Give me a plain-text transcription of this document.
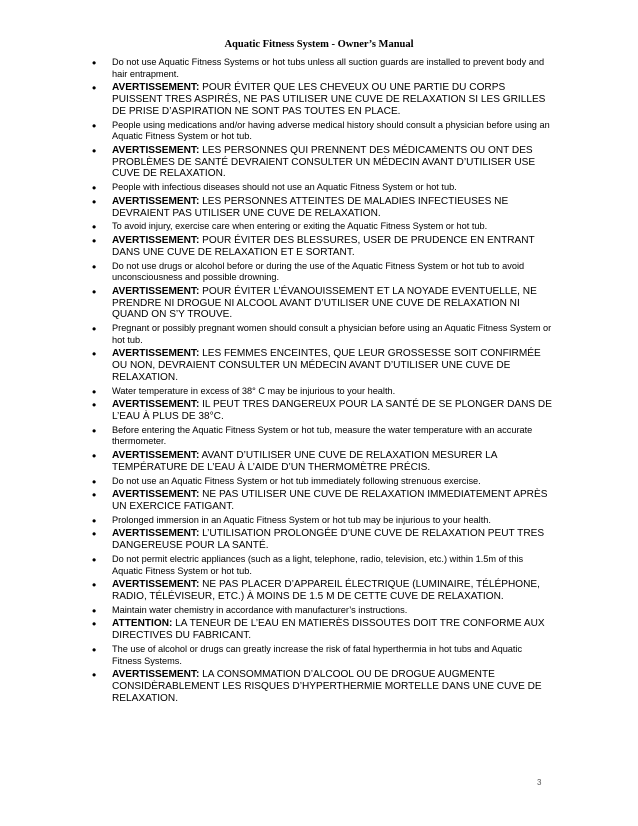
Aquatic Fitness System - Owner’s Manual
• Do not use Aquatic Fitness Systems or hot tubs unless all suction guards are installed to prevent body and hair entrapment.
• AVERTISSEMENT: POUR ÉVITER QUE LES CHEVEUX OU UNE PARTIE DU CORPS PUISSENT TRES ASPIRÉS, NE PAS UTILISER UNE CUVE DE RELAXATION SI LES GRILLES DE PRISE D’ASPIRATION NE SONT PAS TOUTES EN PLACE.
• People using medications and/or having adverse medical history should consult a physician before using an Aquatic Fitness System or hot tub.
• AVERTISSEMENT: LES PERSONNES QUI PRENNENT DES MÉDICAMENTS OU ONT DES PROBLÈMES DE SANTÉ DEVRAIENT CONSULTER UN MÉDECIN AVANT D’UTILISER USE CUVE DE RELAXATION.
• People with infectious diseases should not use an Aquatic Fitness System or hot tub.
• AVERTISSEMENT: LES PERSONNES ATTEINTES DE MALADIES INFECTIEUSES NE DEVRAIENT PAS UTILISER UNE CUVE DE RELAXATION.
• To avoid injury, exercise care when entering or exiting the Aquatic Fitness System or hot tub.
• AVERTISSEMENT: POUR ÉVITER DES BLESSURES, USER DE PRUDENCE EN ENTRANT DANS UNE CUVE DE RELAXATION ET E SORTANT.
• Do not use drugs or alcohol before or during the use of the Aquatic Fitness System or hot tub to avoid unconsciousness and possible drowning.
• AVERTISSEMENT: POUR ÉVITER L’ÉVANOUISSEMENT ET LA NOYADE EVENTUELLE, NE PRENDRE NI DROGUE NI ALCOOL AVANT D’UTILISER UNE CUVE DE RELAXATION NI QUAND ON S’Y TROUVE.
• Pregnant or possibly pregnant women should consult a physician before using an Aquatic Fitness System or hot tub.
• AVERTISSEMENT: LES FEMMES ENCEINTES, QUE LEUR GROSSESSE SOIT CONFIRMÉE OU NON, DEVRAIENT CONSULTER UN MÉDECIN AVANT D’UTILISER UNE CUVE DE RELAXATION.
• Water temperature in excess of 38° C may be injurious to your health.
• AVERTISSEMENT: IL PEUT TRES DANGEREUX POUR LA SANTÉ DE SE PLONGER DANS DE L’EAU À PLUS DE 38°C.
• Before entering the Aquatic Fitness System or hot tub, measure the water temperature with an accurate thermometer.
• AVERTISSEMENT: AVANT D’UTILISER UNE CUVE DE RELAXATION MESURER LA TEMPÉRATURE DE L’EAU À L’AIDE D’UN THERMOMÈTRE PRÉCIS.
• Do not use an Aquatic Fitness System or hot tub immediately following strenuous exercise.
• AVERTISSEMENT: NE PAS UTILISER UNE CUVE DE RELAXATION IMMEDIATEMENT APRÈS UN EXERCICE FATIGANT.
• Prolonged immersion in an Aquatic Fitness System or hot tub may be injurious to your health.
• AVERTISSEMENT: L’UTILISATION PROLONGÉE D’UNE CUVE DE RELAXATION PEUT TRES DANGEREUSE POUR LA SANTÉ.
• Do not permit electric appliances (such as a light, telephone, radio, television, etc.) within 1.5m of this Aquatic Fitness System or hot tub.
• AVERTISSEMENT: NE PAS PLACER D’APPAREIL ÉLECTRIQUE (LUMINAIRE, TÉLÉPHONE, RADIO, TÉLÉVISEUR, ETC.) À MOINS DE 1.5 M DE CETTE CUVE DE RELAXATION.
• Maintain water chemistry in accordance with manufacturer’s instructions.
• ATTENTION: LA TENEUR DE L’EAU EN MATIERÈS DISSOUTES DOIT TRE CONFORME AUX DIRECTIVES DU FABRICANT.
• The use of alcohol or drugs can greatly increase the risk of fatal hyperthermia in hot tubs and Aquatic Fitness Systems.
• AVERTISSEMENT: LA CONSOMMATION D’ALCOOL OU DE DROGUE AUGMENTE CONSIDÈRABLEMENT LES RISQUES D’HYPERTHERMIE MORTELLE DANS UNE CUVE DE RELAXATION.
3
